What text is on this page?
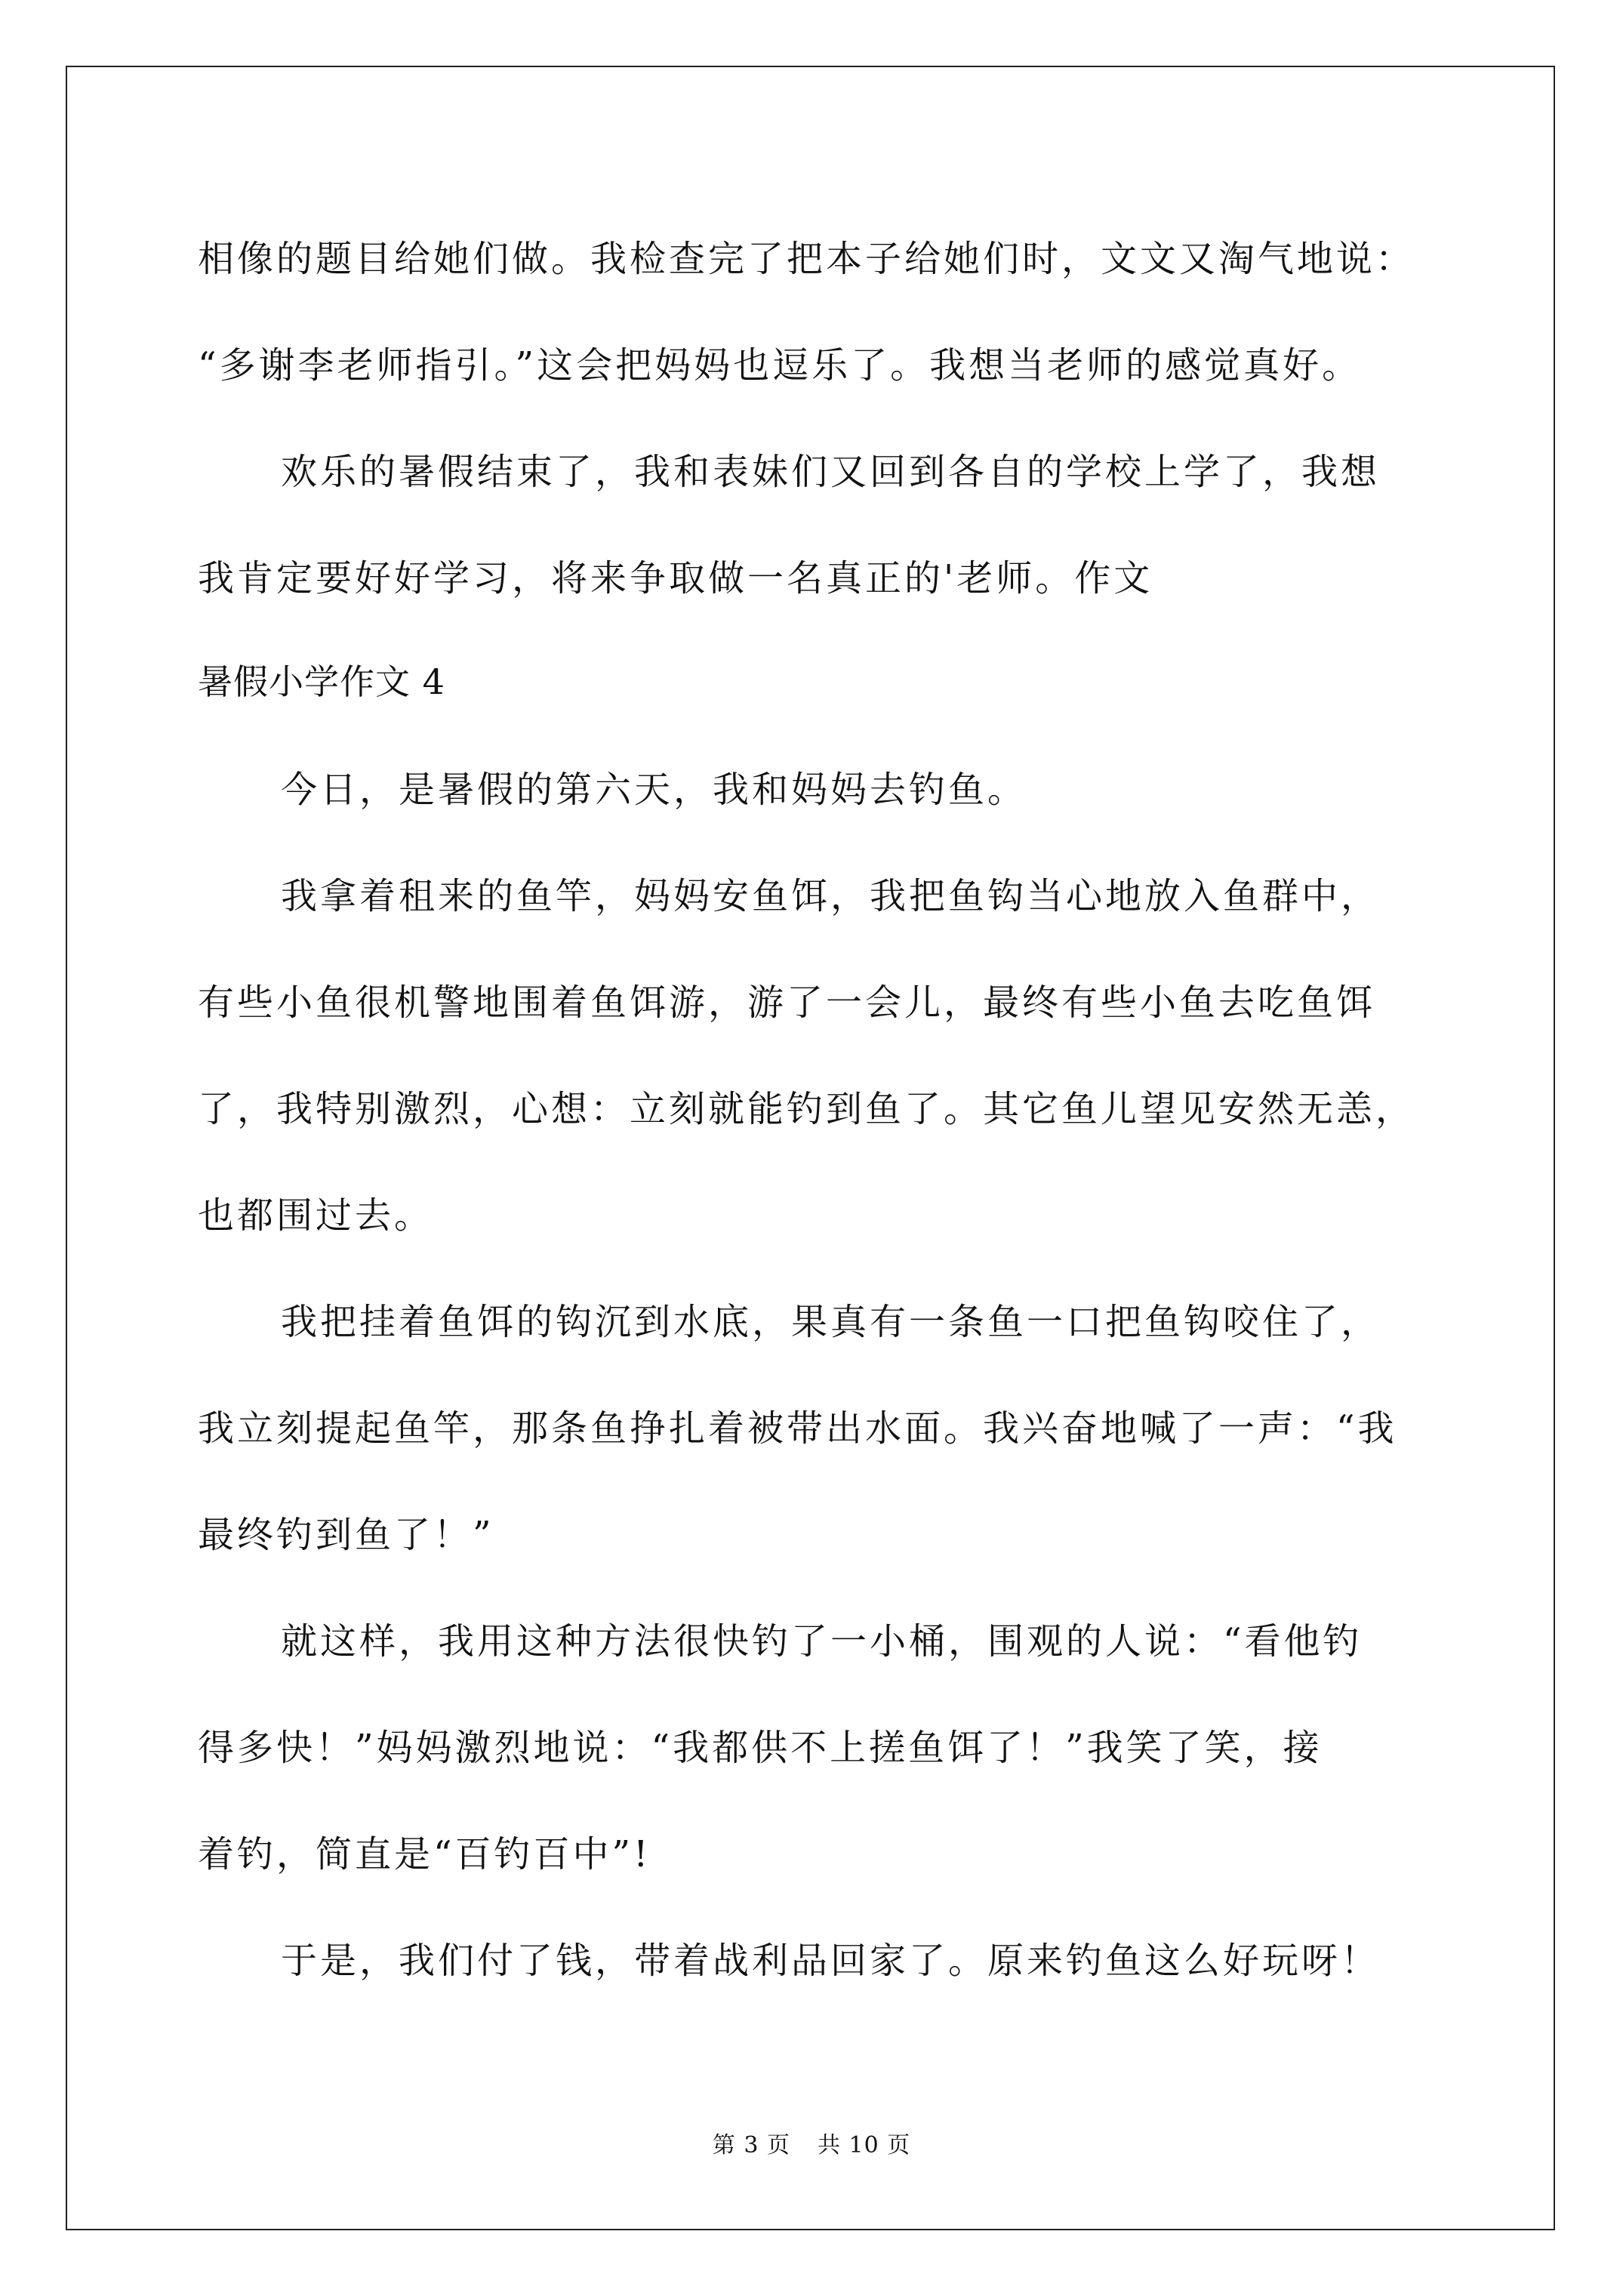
相像的题目给她们做。我检查完了把本子给她们时，文文又淘气地说：
“多谢李老师指引。”这会把妈妈也逗乐了。我想当老师的感觉真好。
欢乐的暑假结束了，我和表妹们又回到各自的学校上学了，我想
我肯定要好好学习，将来争取做一名真正的'老师。作文
暑假小学作文 4
今日，是暑假的第六天，我和妈妈去钓鱼。
我拿着租来的鱼竿，妈妈安鱼饵，我把鱼钩当心地放入鱼群中，
有些小鱼很机警地围着鱼饵游，游了一会儿，最终有些小鱼去吃鱼饵
了，我特别激烈，心想：立刻就能钓到鱼了。其它鱼儿望见安然无恙，
也都围过去。
我把挂着鱼饵的钩沉到水底，果真有一条鱼一口把鱼钩咬住了，
我立刻提起鱼竿，那条鱼挣扎着被带出水面。我兴奋地喊了一声：“我
最终钓到鱼了！”
就这样，我用这种方法很快钓了一小桶，围观的人说：“看他钓
得多快！”妈妈激烈地说：“我都供不上搓鱼饵了！”我笑了笑，接
着钓，简直是“百钓百中”!
于是，我们付了钱，带着战利品回家了。原来钓鱼这么好玩呀！
第 3 页 共 10 页
